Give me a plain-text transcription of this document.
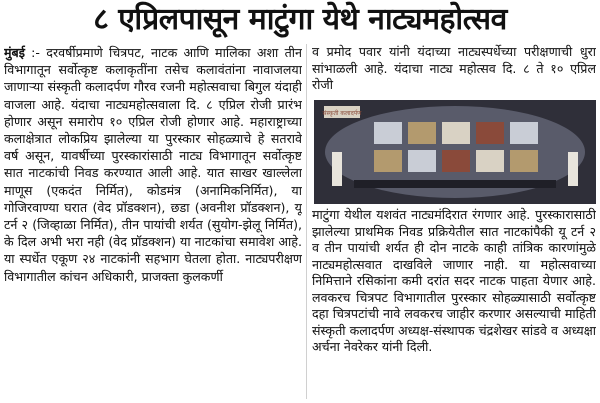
८ एप्रिलपासून माटुंगा येथे नाट्यमहोत्सव

मुंबई :- दरवर्षीप्रमाणे चित्रपट, नाटक आणि मालिका अशा तीन विभागातून सर्वोत्कृष्ट कलाकृतींना तसेच कलावंतांना नावाजलया जाणाऱ्या संस्कृती कलादर्पण गौरव रजनी महोत्सवाचा बिगुल यंदाही वाजला आहे. यंदाचा नाट्यमहोत्सवाला दि. ८ एप्रिल रोजी प्रारंभ होणार असून समारोप १० एप्रिल रोजी होणार आहे. महाराष्ट्राच्या कलाक्षेत्रात लोकप्रिय झालेल्या या पुरस्कार सोहळ्याचे हे सतरावे वर्ष असून, यावर्षीच्या पुरस्कारांसाठी नाट्य विभागातून सर्वोत्कृष्ट सात नाटकांची निवड करण्यात आली आहे. यात साखर खाल्लेला माणूस (एकदंत निर्मित), कोडमंत्र (अनामिकनिर्मित), या गोजिरवाण्या घरात (वेद प्रॉडक्शन), छडा (अवनीश प्रॉडक्शन), यू टर्न २ (जिव्हाळा निर्मित), तीन पायांची शर्यत (सुयोग-झेलू निर्मित), के दिल अभी भरा नही (वेद प्रॉडक्शन) या नाटकांचा समावेश आहे. या स्पर्धेत एकूण २४ नाटकांनी सहभाग घेतला होता. नाट्यपरीक्षण विभागातील कांचन अधिकारी, प्राजक्ता कुलकर्णी

व प्रमोद पवार यांनी यंदाच्या नाट्यस्पर्धेच्या परीक्षणाची धुरा सांभाळली आहे. यंदाचा नाट्य महोत्सव दि. ८ ते १० एप्रिल रोजी
संस्कृती कलादर्पण
माटुंगा येथील यशवंत नाट्यमंदिरात रंगणार आहे. पुरस्कारासाठी झालेल्या प्राथमिक निवड प्रक्रियेतील सात नाटकांपैकी यू टर्न २ व तीन पायांची शर्यत ही दोन नाटके काही तांत्रिक कारणांमुळे नाट्यमहोत्सवात दाखविले जाणार नाही. या महोत्सवाच्या निमित्ताने रसिकांना कमी दरांत सदर नाटक पाहता येणार आहे. लवकरच चित्रपट विभागातील पुरस्कार सोहळ्यासाठी सर्वोत्कृष्ट दहा चित्रपटांची नावे लवकरच जाहीर करणार असल्याची माहिती संस्कृती कलादर्पण अध्यक्ष-संस्थापक चंद्रशेखर सांडवे व अध्यक्षा अर्चना नेवरेकर यांनी दिली.
